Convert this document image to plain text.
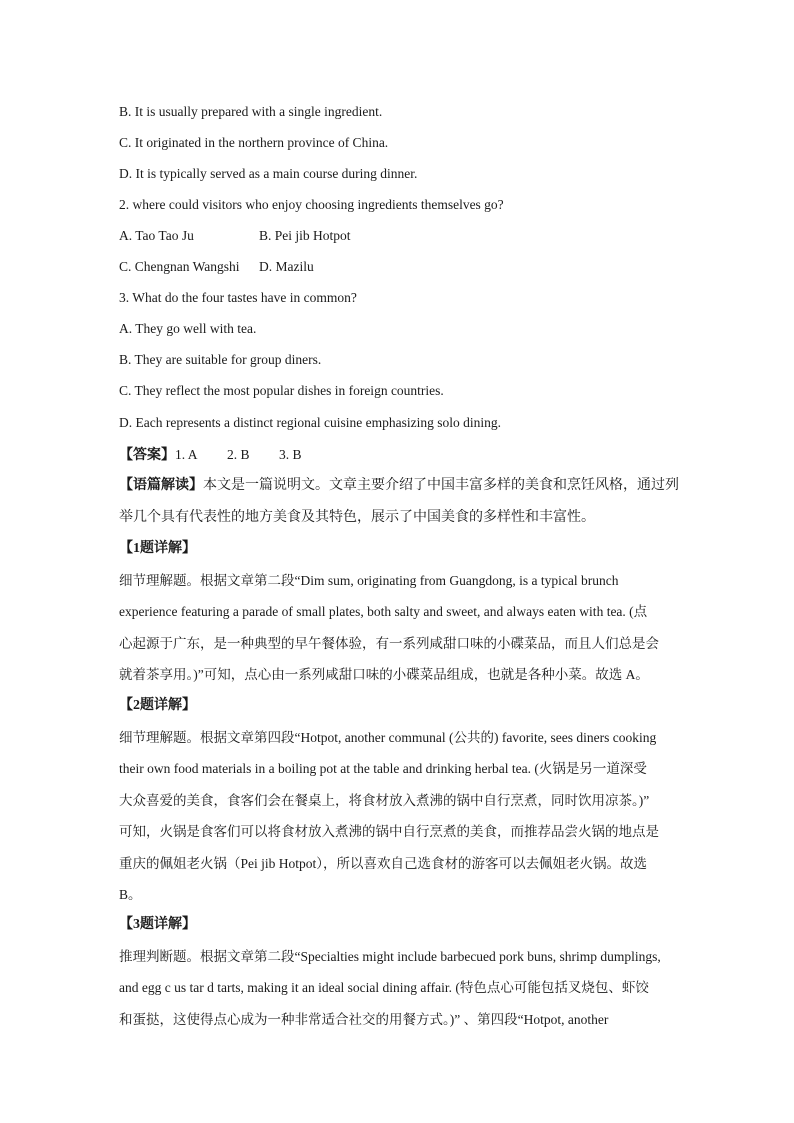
B. It is usually prepared with a single ingredient.
C. It originated in the northern province of China.
D. It is typically served as a main course during dinner.
2. where could visitors who enjoy choosing ingredients themselves go?
A. Tao Tao Ju	B. Pei jib Hotpot
C. Chengnan Wangshi D. Mazilu
3. What do the four tastes have in common?
A. They go well with tea.
B. They are suitable for group diners.
C. They reflect the most popular dishes in foreign countries.
D. Each represents a distinct regional cuisine emphasizing solo dining.
【答案】1. A 2. B 3. B
【语篇解读】本文是一篇说明文。文章主要介绍了中国丰富多样的美食和烹饪风格，通过列
举几个具有代表性的地方美食及其特色，展示了中国美食的多样性和丰富性。
【1题详解】
细节理解题。根据文章第二段“Dim sum, originating from Guangdong, is a typical brunch
experience featuring a parade of small plates, both salty and sweet, and always eaten with tea. (点
心起源于广东，是一种典型的早午餐体验，有一系列咸甜口味的小碟菜品，而且人们总是会
就着茶享用。)”可知，点心由一系列咸甜口味的小碟菜品组成，也就是各种小菜。故选 A。
【2题详解】
细节理解题。根据文章第四段“Hotpot, another communal (公共的) favorite, sees diners cooking
their own food materials in a boiling pot at the table and drinking herbal tea. (火锅是另一道深受
大众喜爱的美食，食客们会在餐桌上，将食材放入煮沸的锅中自行烹煮，同时饮用凉茶。)”
可知，火锅是食客们可以将食材放入煮沸的锅中自行烹煮的美食，而推荐品尝火锅的地点是
重庆的佩姐老火锅（Pei jib Hotpot），所以喜欢自己选食材的游客可以去佩姐老火锅。故选
B。
【3题详解】
推理判断题。根据文章第二段“Specialties might include barbecued pork buns, shrimp dumplings,
and egg c us tar d tarts, making it an ideal social dining affair. (特色点心可能包括叉烧包、虾饺
和蛋挞，这使得点心成为一种非常适合社交的用餐方式。)” 、第四段“Hotpot, another
